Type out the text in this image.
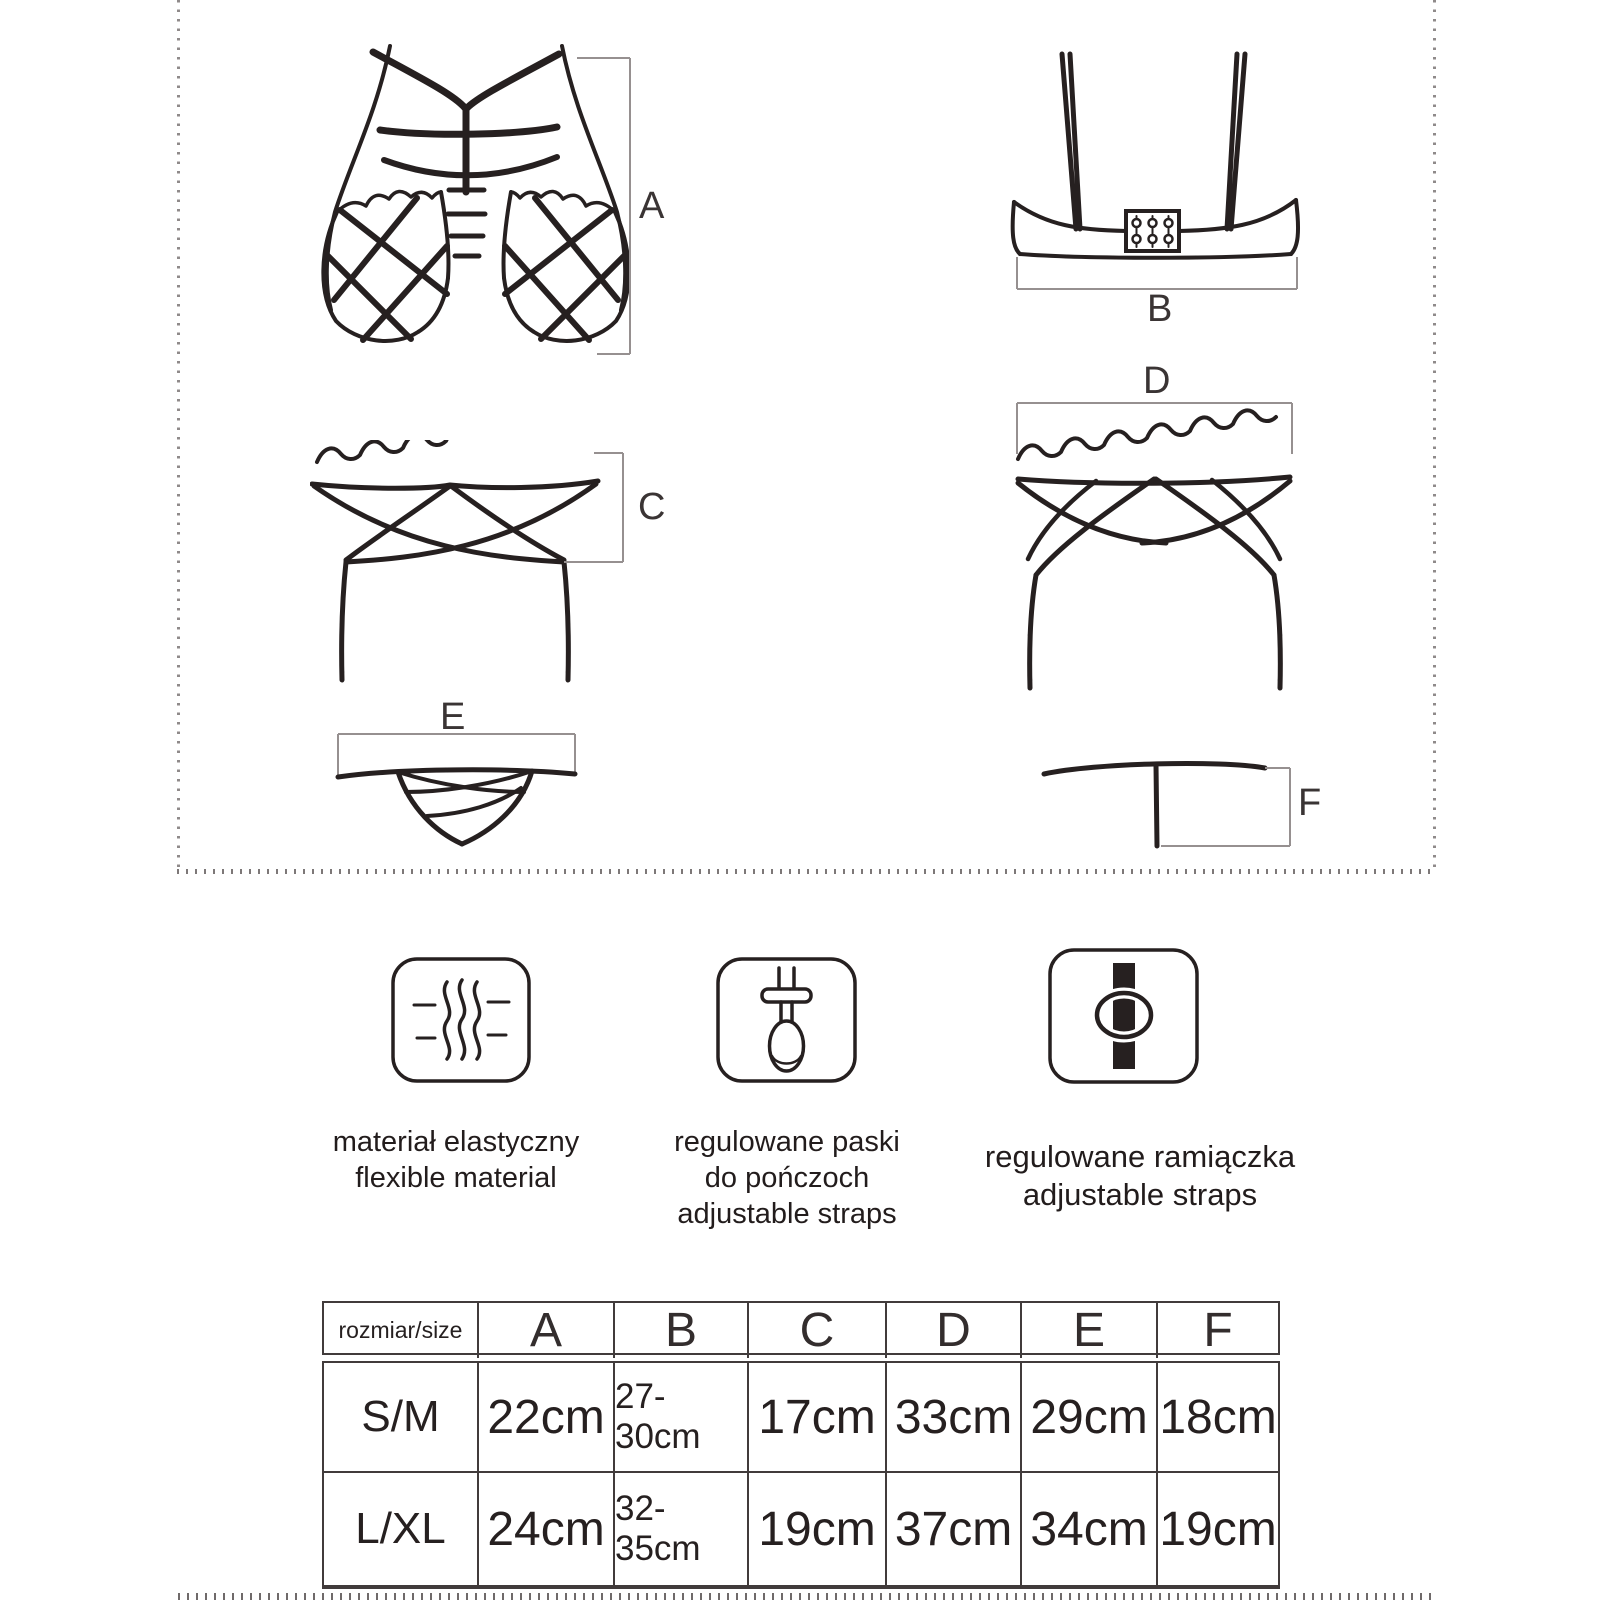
A
B
C
D
E
F
materiał elastyczny
flexible material
regulowane paski
do pończoch
adjustable straps
regulowane ramiączka
adjustable straps
rozmiar/size	A	B	C	D	E	F
S/M 22cm 27-30cm	17cm 33cm 29cm 18cm
L/XL 24cm 32-35cm	19cm 37cm 34cm 19cm
